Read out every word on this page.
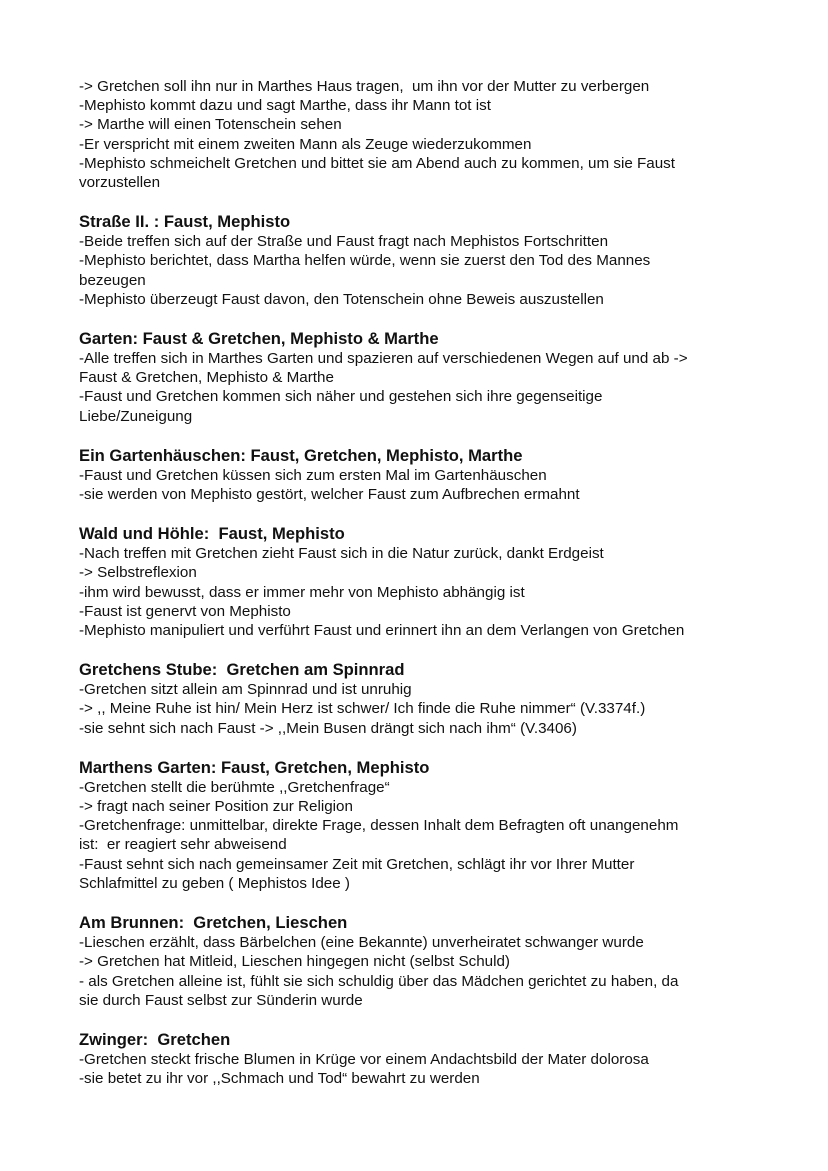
-> Gretchen soll ihn nur in Marthes Haus tragen,  um ihn vor der Mutter zu verbergen
-Mephisto kommt dazu und sagt Marthe, dass ihr Mann tot ist
-> Marthe will einen Totenschein sehen
-Er verspricht mit einem zweiten Mann als Zeuge wiederzukommen
-Mephisto schmeichelt Gretchen und bittet sie am Abend auch zu kommen, um sie Faust
vorzustellen
Straße II. : Faust, Mephisto
-Beide treffen sich auf der Straße und Faust fragt nach Mephistos Fortschritten
-Mephisto berichtet, dass Martha helfen würde, wenn sie zuerst den Tod des Mannes
bezeugen
-Mephisto überzeugt Faust davon, den Totenschein ohne Beweis auszustellen
Garten: Faust & Gretchen, Mephisto & Marthe
-Alle treffen sich in Marthes Garten und spazieren auf verschiedenen Wegen auf und ab ->
Faust & Gretchen, Mephisto & Marthe
-Faust und Gretchen kommen sich näher und gestehen sich ihre gegenseitige
Liebe/Zuneigung
Ein Gartenhäuschen: Faust, Gretchen, Mephisto, Marthe
-Faust und Gretchen küssen sich zum ersten Mal im Gartenhäuschen
-sie werden von Mephisto gestört, welcher Faust zum Aufbrechen ermahnt
Wald und Höhle:  Faust, Mephisto
-Nach treffen mit Gretchen zieht Faust sich in die Natur zurück, dankt Erdgeist
-> Selbstreflexion
-ihm wird bewusst, dass er immer mehr von Mephisto abhängig ist
-Faust ist genervt von Mephisto
-Mephisto manipuliert und verführt Faust und erinnert ihn an dem Verlangen von Gretchen
Gretchens Stube:  Gretchen am Spinnrad
-Gretchen sitzt allein am Spinnrad und ist unruhig
-> ,, Meine Ruhe ist hin/ Mein Herz ist schwer/ Ich finde die Ruhe nimmer“ (V.3374f.)
-sie sehnt sich nach Faust -> ,,Mein Busen drängt sich nach ihm“ (V.3406)
Marthens Garten: Faust, Gretchen, Mephisto
-Gretchen stellt die berühmte ,,Gretchenfrage“
-> fragt nach seiner Position zur Religion
-Gretchenfrage: unmittelbar, direkte Frage, dessen Inhalt dem Befragten oft unangenehm
ist:  er reagiert sehr abweisend
-Faust sehnt sich nach gemeinsamer Zeit mit Gretchen, schlägt ihr vor Ihrer Mutter
Schlafmittel zu geben ( Mephistos Idee )
Am Brunnen:  Gretchen, Lieschen
-Lieschen erzählt, dass Bärbelchen (eine Bekannte) unverheiratet schwanger wurde
-> Gretchen hat Mitleid, Lieschen hingegen nicht (selbst Schuld)
- als Gretchen alleine ist, fühlt sie sich schuldig über das Mädchen gerichtet zu haben, da
sie durch Faust selbst zur Sünderin wurde
Zwinger:  Gretchen
-Gretchen steckt frische Blumen in Krüge vor einem Andachtsbild der Mater dolorosa
-sie betet zu ihr vor ,,Schmach und Tod“ bewahrt zu werden
